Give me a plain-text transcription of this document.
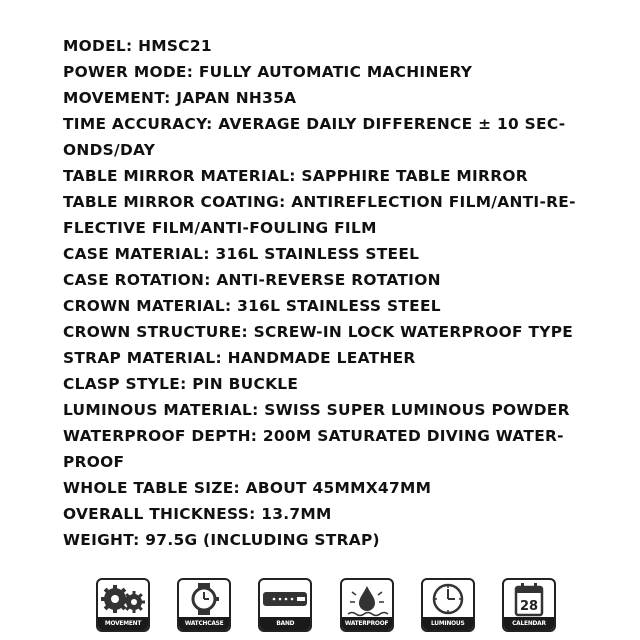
MODEL: HMSC21
POWER MODE: FULLY AUTOMATIC MACHINERY
MOVEMENT: JAPAN NH35A
TIME ACCURACY: AVERAGE DAILY DIFFERENCE ± 10 SEC-
ONDS/DAY
TABLE MIRROR MATERIAL: SAPPHIRE TABLE MIRROR
TABLE MIRROR COATING: ANTIREFLECTION FILM/ANTI-RE-
FLECTIVE FILM/ANTI-FOULING FILM
CASE MATERIAL: 316L STAINLESS STEEL
CASE ROTATION: ANTI-REVERSE ROTATION
CROWN MATERIAL: 316L STAINLESS STEEL
CROWN STRUCTURE: SCREW-IN LOCK WATERPROOF TYPE
STRAP MATERIAL: HANDMADE LEATHER
CLASP STYLE: PIN BUCKLE
LUMINOUS MATERIAL: SWISS SUPER LUMINOUS POWDER
WATERPROOF DEPTH: 200M SATURATED DIVING WATER-
PROOF
WHOLE TABLE SIZE: ABOUT 45MMX47MM
OVERALL THICKNESS: 13.7MM
WEIGHT: 97.5G (INCLUDING STRAP)
MOVEMENT	WATCHCASE	BAND	WATERPROOF	LUMINOUS
28
CALENDAR
